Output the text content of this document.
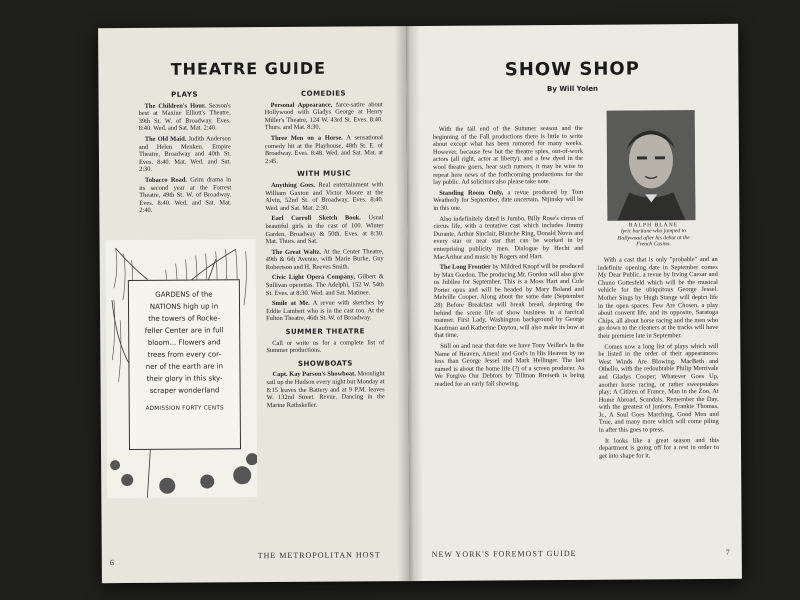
THEATRE GUIDE
PLAYS

The Children's Hour. Season's best at Maxine Elliott's Theatre, 39th St. W. of Broadway. Eves. 8:40. Wed. and Sat. Mat. 2:40.

The Old Maid. Judith Anderson and Helen Menken. Empire Theatre, Broadway and 40th St. Eves. 8:40. Mat. Wed. and Sat. 2:30.

Tobacco Road. Grim drama in its second year at the Forrest Theatre, 49th St. W. of Broadway. Eves. 8:40. Wed. and Sat. Mat. 2:40.

COMEDIES

Personal Appearance, farce-satire about Hollywood with Gladys George at Henry Miller's Theatre, 124 W. 43rd St. Eves. 8:40. Thurs. and Mat. 8:30.

Three Men on a Horse. A sensational comedy hit at the Playhouse, 48th St. E. of Broadway. Eves. 8:48. Wed. and Sat. Mat. at 2:45.

WITH MUSIC

Anything Goes. Real entertainment with William Gaxton and Victor Moore at the Alvin, 52nd St. of Broadway. Eves. 8:40. Wed. and Sat. Mat. 2:30.

Earl Carroll Sketch Book. Usual beautiful girls in the cast of 100. Winter Garden, Broadway & 50th. Eves. at 8:30. Mat. Thurs. and Sat.

The Great Waltz. At the Center Theatre, 49th & 6th Avenue, with Marie Burke, Guy Robertson and H. Reeves Smith.

Civic Light Opera Company, Gilbert & Sullivan operettas. The Adelphi, 152 W. 54th St. Eves. at 8:30. Wed. and Sat. Matinee.

Smile at Me. A revue with sketches by Eddie Lambert who is in the cast too. At the Fulton Theatre, 46th St. W. of Broadway.

SUMMER THEATRE

Call or write us for a complete list of Summer productions.

SHOWBOATS

Capt. Kay Parson's Showboat. Moonlight sail up the Hudson every night but Monday at 8:15 leaves the Battery and at 9 P.M. leaves W. 132nd Street. Revue. Dancing in the Marine Rathskeller.

GARDENS of the
NATIONS high up in
the towers of Rocke-
feller Center are in full
bloom... Flowers and
trees from every cor-
ner of the earth are in
their glory in this sky-
scraper wonderland
ADMISSION FORTY CENTS
6
THE METROPOLITAN HOST
SHOW SHOP
By Will Yolen

With the tail end of the Summer season and the beginning of the Fall productions there is little to write about except what has been rumored for many weeks. However, because few but the theatre spies, out-of-work actors (all right, actor at liberty), and a few dyed in the wool theatre goers, hear such rumors, it may be wise to repeat here news of the forthcoming productions for the lay public. Ad solicitors also please take note.

Standing Room Only, a revue produced by Tom Weatherly for September, date uncertain. Nijinsky will be in this one.

Also indefinitely dated is Jumbo, Billy Rose's circus of circus life, with a tentative cast which includes Jimmy Durante, Arthur Sinclair, Blanche Ring, Donald Novis and every star or near star that can be worked in by enterprising publicity men. Dialogue by Hecht and MacArthur and music by Rogers and Hart.

The Long Frontier by Mildred Knopf will be produced by Max Gordon. The producing Mr. Gordon will also give us Jubilee for September. This is a Moss Hart and Cole Porter opus and will be headed by Mary Boland and Melville Cooper. Along about the same date (September 28) Before Breakfast will break bread, depicting the behind the scene life of show business in a farcical manner. First Lady, Washington background by George Kaufman and Katherine Dayton, will also make its bow at that time.

Still on and near that date we have Tony Veiller's In the Name of Heaven, Amen! and God's in His Heaven by no less than George Jessel and Mark Hellinger. The last named is about the home life (?) of a screen producer. As We Forgive Our Debtors by Tillman Breiseth is being readied for an early fall showing.

RALPH BLANE
lyric baritone who jumped to Hollywood after his debut at the French Casino.

With a cast that is only "probable" and an indefinite opening date in September comes My Dear Public, a revue by Irving Caesar and Chuno Gottesfeld which will be the musical vehicle for the ubiquitous George Jessel. Mother Sings by Hugh Stange will depict life in the open spaces. Few Are Chosen, a play about convent life, and its opposite, Saratoga Chips, all about horse racing and the men who go down to the cleaners at the tracks will have their premiere late in September.

Comes now a long list of plays which will be listed in the order of their appearances: West Winds Are Blowing, MacBeth and Othello, with the redoubtable Philip Merrivale and Gladys Cooper; Whatever Goes Up, another horse racing, or rather sweepstakes play; A Citizen of France, Man in the Zoo, At Home Abroad, Scandals, Remember the Day, with the greatest of juniors, Frankie Thomas, Jr., A Soul Goes Marching, Good Men and True, and many more which will come piling in after this goes to press.

It looks like a great season and this department is going off for a rest in order to get into shape for it.

NEW YORK'S FOREMOST GUIDE	7
